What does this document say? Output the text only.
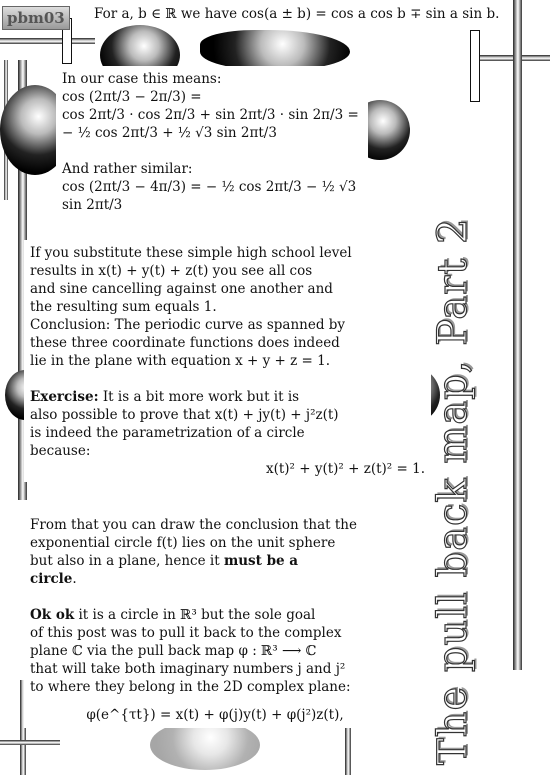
pbm03	For a, b ∈ ℝ we have cos(a ± b) = cos a cos b ∓ sin a sin b.

In our case this means:

cos (2πt/3 − 2π/3) =

cos 2πt/3 · cos 2π/3 + sin 2πt/3 · sin 2π/3 =

− ½ cos 2πt/3 + ½ √3 sin 2πt/3

And rather similar:

cos (2πt/3 − 4π/3) = − ½ cos 2πt/3 − ½ √3 sin 2πt/3

If you substitute these simple high school level

results in x(t) + y(t) + z(t) you see all cos

and sine cancelling against one another and

the resulting sum equals 1.

Conclusion: The periodic curve as spanned by

these three coordinate functions does indeed

lie in the plane with equation x + y + z = 1.

Exercise: It is a bit more work but it is

also possible to prove that x(t) + jy(t) + j²z(t)

is indeed the parametrization of a circle

because:

x(t)² + y(t)² + z(t)² = 1.

From that you can draw the conclusion that the

exponential circle f(t) lies on the unit sphere

but also in a plane, hence it must be a

circle.

Ok ok it is a circle in ℝ³ but the sole goal

of this post was to pull it back to the complex

plane ℂ via the pull back map φ : ℝ³ ⟶ ℂ

that will take both imaginary numbers j and j²

to where they belong in the 2D complex plane:

φ(e^{τt}) = x(t) + φ(j)y(t) + φ(j²)z(t),	The pull back map, Part 2
